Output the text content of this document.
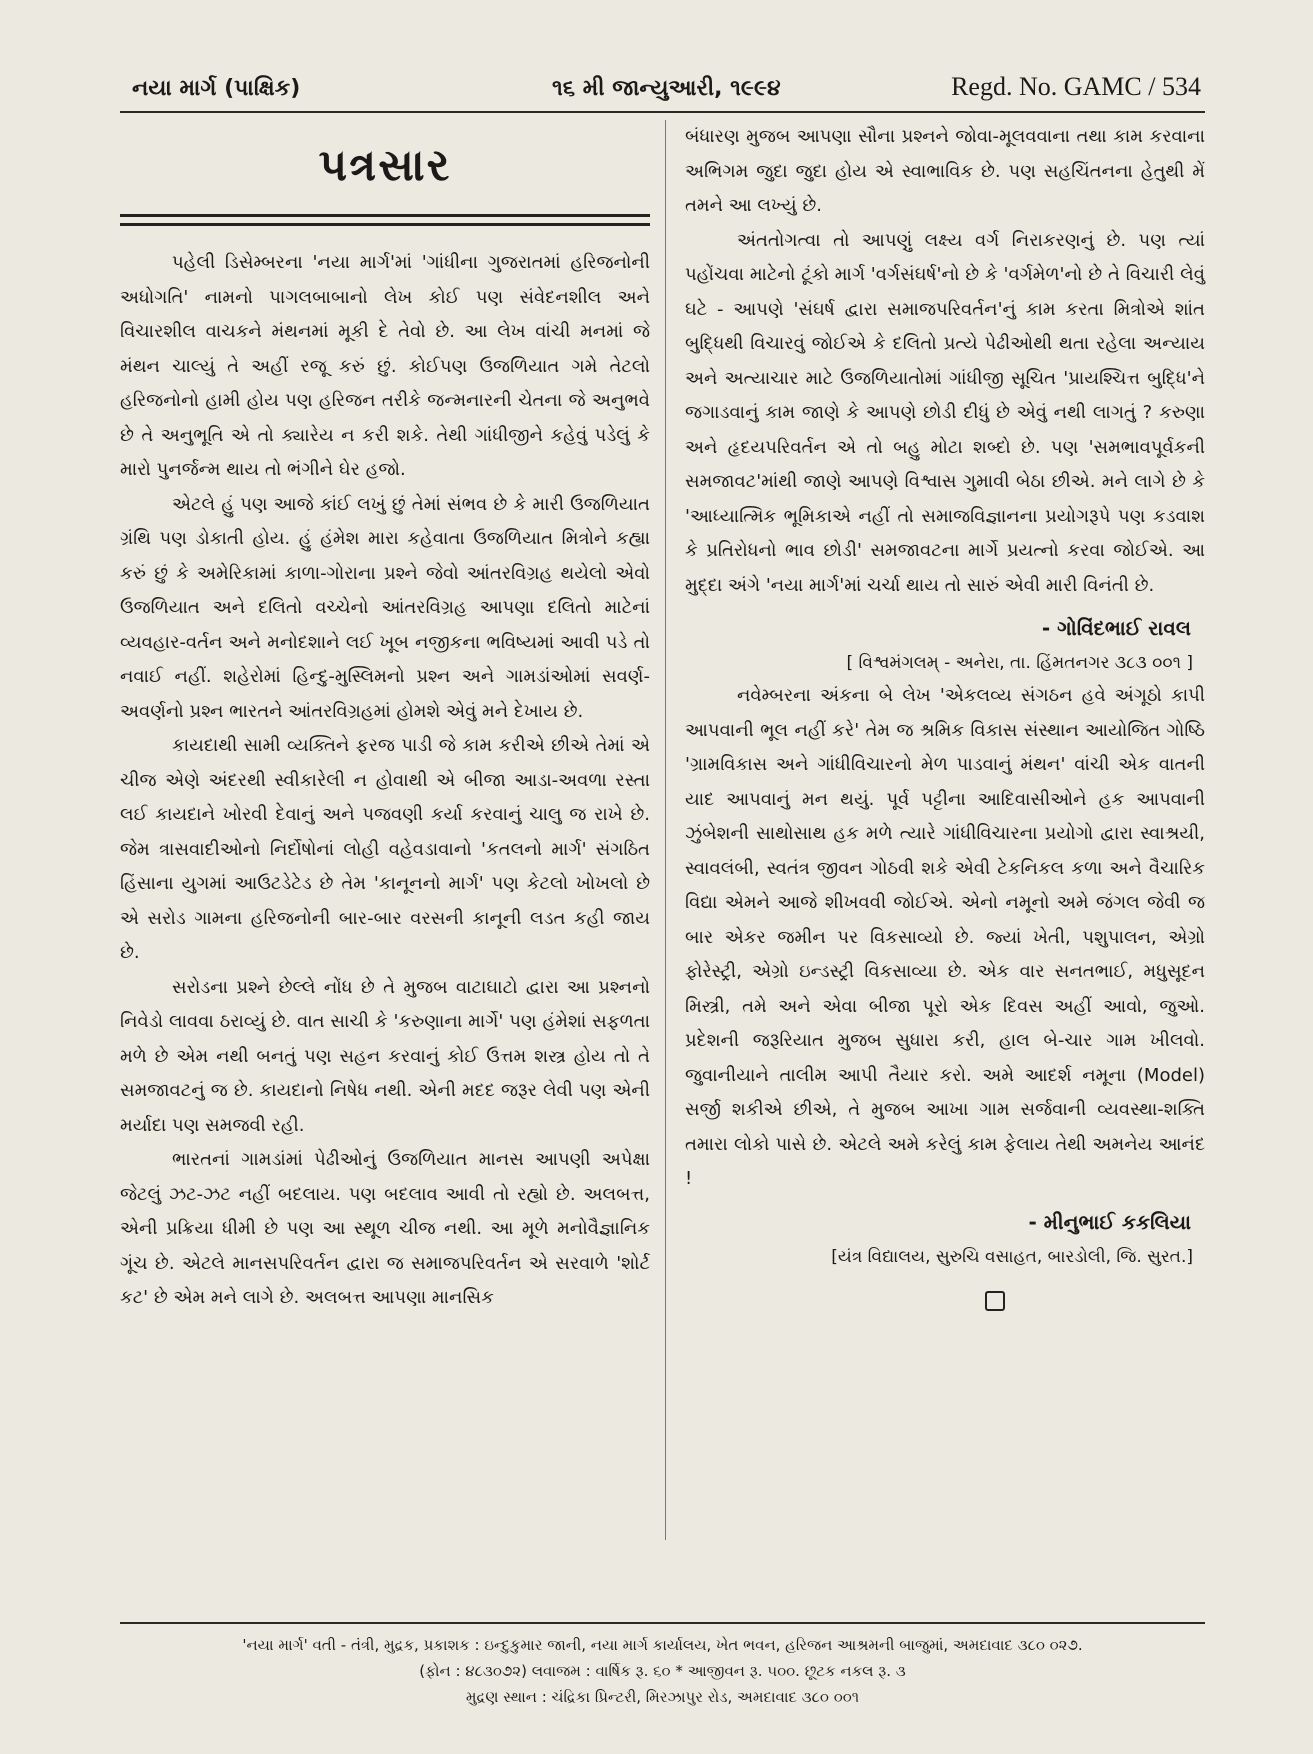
નયા માર્ગ (પાક્ષિક)	૧૬ મી જાન્યુઆરી, ૧૯૯૪	Regd. No. GAMC / 534
પત્રસાર

પહેલી ડિસેમ્બરના 'નયા માર્ગ'માં 'ગાંધીના ગુજરાતમાં હરિજનોની અધોગતિ' નામનો પાગલબાબાનો લેખ કોઈ પણ સંવેદનશીલ અને વિચારશીલ વાચકને મંથનમાં મૂકી દે તેવો છે. આ લેખ વાંચી મનમાં જે મંથન ચાલ્યું તે અહીં રજૂ કરું છું. કોઈપણ ઉજળિયાત ગમે તેટલો હરિજનોનો હામી હોય પણ હરિજન તરીકે જન્મનારની ચેતના જે અનુભવે છે તે અનુભૂતિ એ તો ક્યારેય ન કરી શકે. તેથી ગાંધીજીને કહેવું પડેલું કે મારો પુનર્જન્મ થાય તો ભંગીને ઘેર હજો.

એટલે હું પણ આજે કાંઈ લખું છું તેમાં સંભવ છે કે મારી ઉજળિયાત ગ્રંથિ પણ ડોકાતી હોય. હું હંમેશ મારા કહેવાતા ઉજળિયાત મિત્રોને કહ્યા કરું છું કે અમેરિકામાં કાળા-ગોરાના પ્રશ્ને જેવો આંતરવિગ્રહ થયેલો એવો ઉજળિયાત અને દલિતો વચ્ચેનો આંતરવિગ્રહ આપણા દલિતો માટેનાં વ્યવહાર-વર્તન અને મનોદશાને લઈ ખૂબ નજીકના ભવિષ્યમાં આવી પડે તો નવાઈ નહીં. શહેરોમાં હિન્દુ-મુસ્લિમનો પ્રશ્ન અને ગામડાંઓમાં સવર્ણ-અવર્ણનો પ્રશ્ન ભારતને આંતરવિગ્રહમાં હોમશે એવું મને દેખાય છે.

કાયદાથી સામી વ્યક્તિને ફરજ પાડી જે કામ કરીએ છીએ તેમાં એ ચીજ એણે અંદરથી સ્વીકારેલી ન હોવાથી એ બીજા આડા-અવળા રસ્તા લઈ કાયદાને ખોરવી દેવાનું અને પજવણી કર્યા કરવાનું ચાલુ જ રાખે છે. જેમ ત્રાસવાદીઓનો નિર્દોષોનાં લોહી વહેવડાવાનો 'કતલનો માર્ગ' સંગઠિત હિંસાના યુગમાં આઉટડેટેડ છે તેમ 'કાનૂનનો માર્ગ' પણ કેટલો ખોખલો છે એ સરોડ ગામના હરિજનોની બાર-બાર વરસની કાનૂની લડત કહી જાય છે.

સરોડના પ્રશ્ને છેલ્લે નોંધ છે તે મુજબ વાટાઘાટો દ્વારા આ પ્રશ્નનો નિવેડો લાવવા ઠરાવ્યું છે. વાત સાચી કે 'કરુણાના માર્ગે' પણ હંમેશાં સફળતા મળે છે એમ નથી બનતું પણ સહન કરવાનું કોઈ ઉત્તમ શસ્ત્ર હોય તો તે સમજાવટનું જ છે. કાયદાનો નિષેધ નથી. એની મદદ જરૂર લેવી પણ એની મર્યાદા પણ સમજવી રહી.

ભારતનાં ગામડાંમાં પેઢીઓનું ઉજળિયાત માનસ આપણી અપેક્ષા જેટલું ઝટ-ઝટ નહીં બદલાય. પણ બદલાવ આવી તો રહ્યો છે. અલબત્ત, એની પ્રક્રિયા ધીમી છે પણ આ સ્થૂળ ચીજ નથી. આ મૂળે મનોવૈજ્ઞાનિક ગૂંચ છે. એટલે માનસપરિવર્તન દ્વારા જ સમાજપરિવર્તન એ સરવાળે 'શોર્ટ કટ' છે એમ મને લાગે છે. અલબત્ત આપણા માનસિક

બંધારણ મુજબ આપણા સૌના પ્રશ્નને જોવા-મૂલવવાના તથા કામ કરવાના અભિગમ જુદા જુદા હોય એ સ્વાભાવિક છે. પણ સહચિંતનના હેતુથી મેં તમને આ લખ્યું છે.

અંતતોગત્વા તો આપણું લક્ષ્ય વર્ગ નિરાકરણનું છે. પણ ત્યાં પહોંચવા માટેનો ટૂંકો માર્ગ 'વર્ગસંઘર્ષ'નો છે કે 'વર્ગમેળ'નો છે તે વિચારી લેવું ઘટે - આપણે 'સંઘર્ષ દ્વારા સમાજપરિવર્તન'નું કામ કરતા મિત્રોએ શાંત બુદ્ધિથી વિચારવું જોઈએ કે દલિતો પ્રત્યે પેઢીઓથી થતા રહેલા અન્યાય અને અત્યાચાર માટે ઉજળિયાતોમાં ગાંધીજી સૂચિત 'પ્રાયશ્ચિત્ત બુદ્ધિ'ને જગાડવાનું કામ જાણે કે આપણે છોડી દીધું છે એવું નથી લાગતું ? કરુણા અને હૃદયપરિવર્તન એ તો બહુ મોટા શબ્દો છે. પણ 'સમભાવપૂર્વકની સમજાવટ'માંથી જાણે આપણે વિશ્વાસ ગુમાવી બેઠા છીએ. મને લાગે છે કે 'આધ્યાત્મિક ભૂમિકાએ નહીં તો સમાજવિજ્ઞાનના પ્રયોગરૂપે પણ કડવાશ કે પ્રતિરોધનો ભાવ છોડી' સમજાવટના માર્ગે પ્રયત્નો કરવા જોઈએ. આ મુદ્દા અંગે 'નયા માર્ગ'માં ચર્ચા થાય તો સારું એવી મારી વિનંતી છે.

- ગોવિંદભાઈ રાવલ
[ વિશ્વમંગલમ્ - અનેરા, તા. હિંમતનગર ૩૮૩ ૦૦૧ ]

નવેમ્બરના અંકના બે લેખ 'એકલવ્ય સંગઠન હવે અંગૂઠો કાપી આપવાની ભૂલ નહીં કરે' તેમ જ શ્રમિક વિકાસ સંસ્થાન આયોજિત ગોષ્ઠિ 'ગ્રામવિકાસ અને ગાંધીવિચારનો મેળ પાડવાનું મંથન' વાંચી એક વાતની યાદ આપવાનું મન થયું. પૂર્વ પટ્ટીના આદિવાસીઓને હક આપવાની ઝુંબેશની સાથોસાથ હક મળે ત્યારે ગાંધીવિચારના પ્રયોગો દ્વારા સ્વાશ્રયી, સ્વાવલંબી, સ્વતંત્ર જીવન ગોઠવી શકે એવી ટેકનિકલ કળા અને વૈચારિક વિદ્યા એમને આજે શીખવવી જોઈએ. એનો નમૂનો અમે જંગલ જેવી જ બાર એકર જમીન પર વિકસાવ્યો છે. જ્યાં ખેતી, પશુપાલન, એગ્રો ફોરેસ્ટ્રી, એગ્રો ઇન્ડસ્ટ્રી વિકસાવ્યા છે. એક વાર સનતભાઈ, મધુસૂદન મિસ્ત્રી, તમે અને એવા બીજા પૂરો એક દિવસ અહીં આવો, જુઓ. પ્રદેશની જરૂરિયાત મુજબ સુધારા કરી, હાલ બે-ચાર ગામ ખીલવો. જુવાનીયાને તાલીમ આપી તૈયાર કરો. અમે આદર્શ નમૂના (Model) સર્જી શકીએ છીએ, તે મુજબ આખા ગામ સર્જવાની વ્યવસ્થા-શક્તિ તમારા લોકો પાસે છે. એટલે અમે કરેલું કામ ફેલાય તેથી અમનેય આનંદ !

- મીનુભાઈ કકલિયા
[યંત્ર વિદ્યાલય, સુરુચિ વસાહત, બારડોલી, જિ. સુરત.]
'નયા માર્ગ' વતી - તંત્રી, મુદ્રક, પ્રકાશક : ઇન્દુકુમાર જાની, નયા માર્ગ કાર્યાલય, ખેત ભવન, હરિજન આશ્રમની બાજુમાં, અમદાવાદ ૩૮૦ ૦૨૭.
(ફોન : ૪૮૩૦૭૨) લવાજમ : વાર્ષિક રૂ. ૬૦ * આજીવન રૂ. ૫૦૦. છૂટક નકલ રૂ. ૩
મુદ્રણ સ્થાન : ચંદ્રિકા પ્રિન્ટરી, મિરઝાપુર રોડ, અમદાવાદ ૩૮૦ ૦૦૧
